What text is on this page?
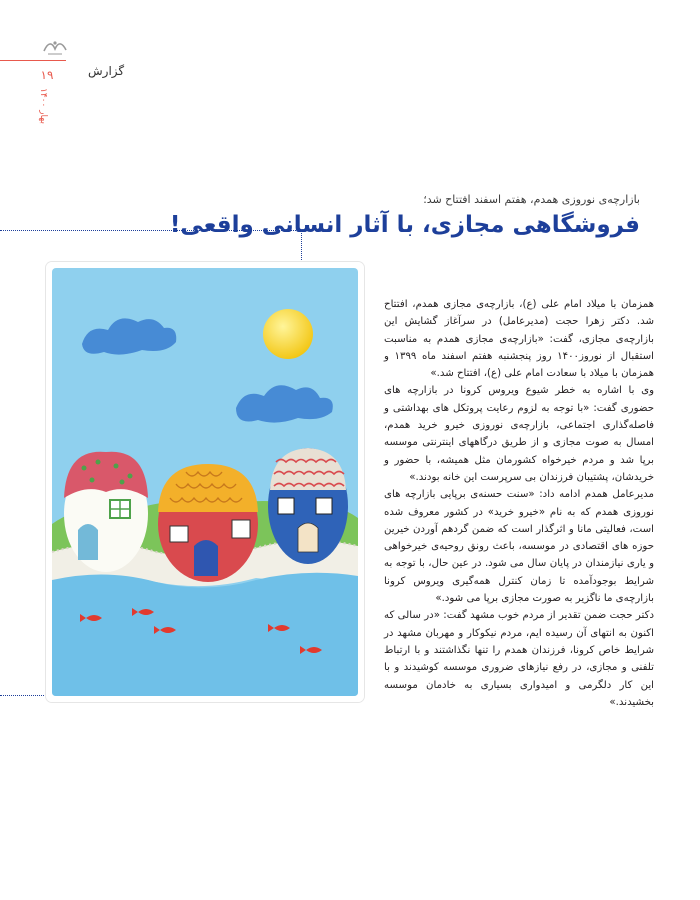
گزارش
۱۹
بهار ۱۴۰۰
بازارچه‌ی نوروزی همدم، هفتم اسفند افتتاح شد؛
فروشگاهی مجازی، با آثار انسانی واقعی!

همزمان با میلاد امام علی (ع)، بازارچه‌ی مجازی همدم، افتتاح شد. دکتر زهرا حجت (مدیرعامل) در سرآغاز گشایش این بازارچه‌ی مجازی، گفت: «بازارچه‌ی مجازی همدم به مناسبت استقبال از نوروز۱۴۰۰ روز پنجشنبه هفتم اسفند ماه ۱۳۹۹ و همزمان با میلاد با سعادت امام علی (ع)، افتتاح شد.»

وی با اشاره به خطر شیوع ویروس کرونا در بازارچه های حضوری گفت: «با توجه به لزوم رعایت پروتکل های بهداشتی و فاصله‌گذاری اجتماعی، بازارچه‌ی نوروزی خیرو خرید همدم، امسال به صوت مجازی و از طریق درگاههای اینترنتی موسسه برپا شد و مردم خیرخواه کشورمان مثل همیشه، با حضور و خریدشان، پشتیبان فرزندان بی سرپرست این خانه بودند.»

مدیرعامل همدم ادامه داد: «سنت حسنه‌ی برپایی بازارچه های نوروزی همدم که به نام «خیرو خرید» در کشور معروف شده است، فعالیتی مانا و اثرگذار است که ضمن گردهم آوردن خیرین حوزه های اقتصادی در موسسه، باعث رونق روحیه‌ی خیرخواهی و یاری نیازمندان در پایان سال می شود. در عین حال، با توجه به شرایط بوجودآمده تا زمان کنترل همه‌گیری ویروس کرونا بازارچه‌ی ما ناگزیر به صورت مجازی برپا می شود.»

دکتر حجت ضمن تقدیر از مردم خوب مشهد گفت: «در سالی که اکنون به انتهای آن رسیده ایم، مردم نیکوکار و مهربان مشهد در شرایط خاص کرونا، فرزندان همدم را تنها نگذاشتند و با ارتباط تلفنی و مجازی، در رفع نیازهای ضروری موسسه کوشیدند و با این کار دلگرمی و امیدواری بسیاری به خادمان موسسه بخشیدند.»
